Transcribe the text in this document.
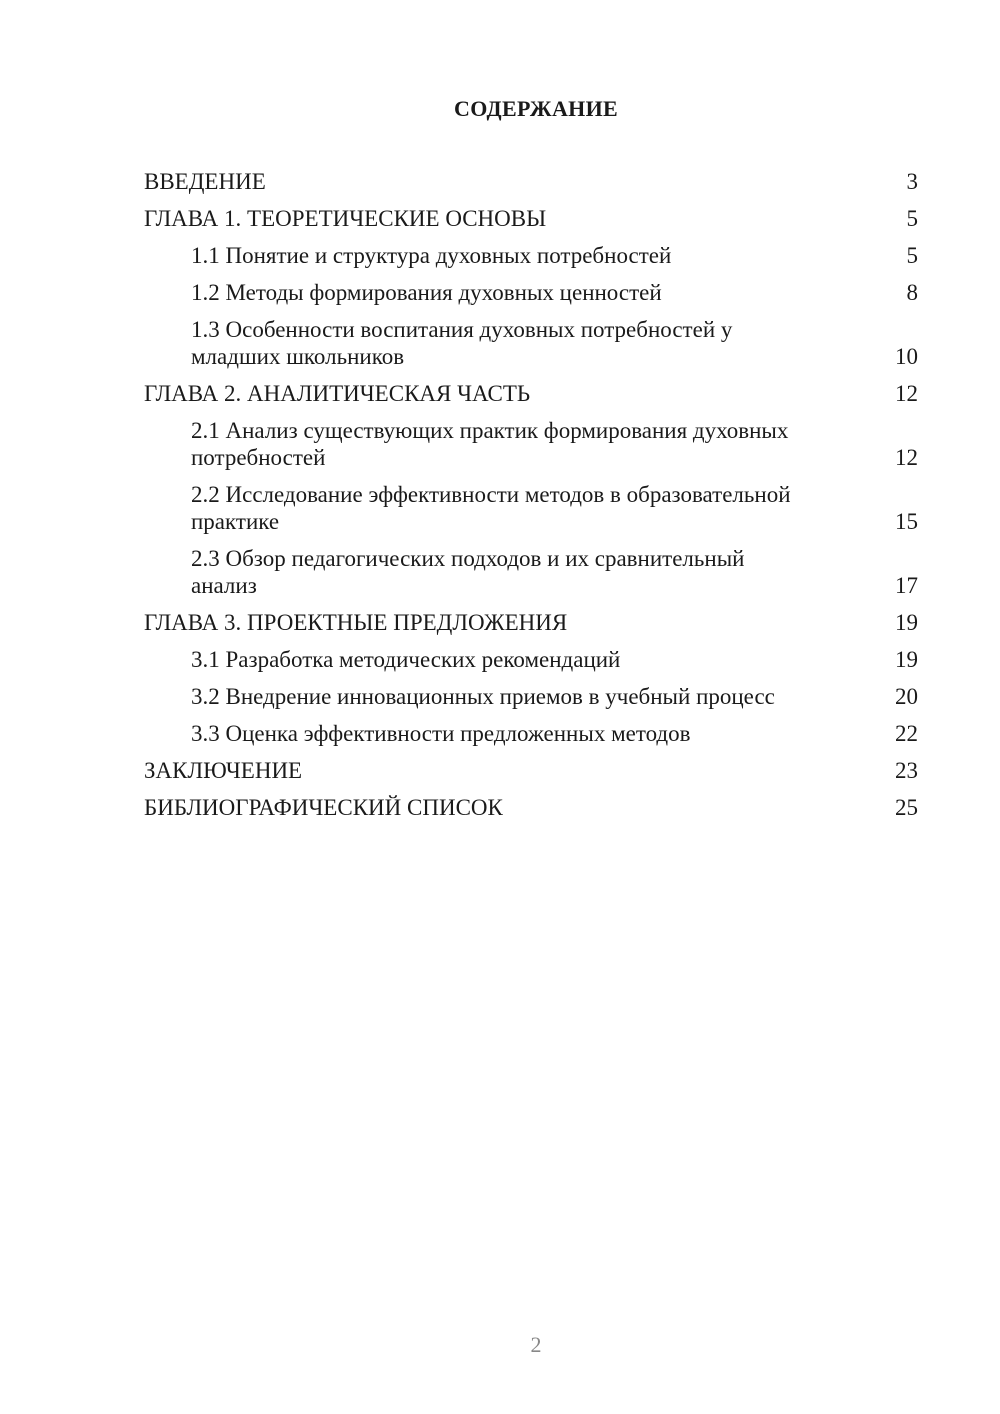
СОДЕРЖАНИЕ
ВВЕДЕНИЕ	3
ГЛАВА 1. ТЕОРЕТИЧЕСКИЕ ОСНОВЫ	5
1.1 Понятие и структура духовных потребностей	5
1.2 Методы формирования духовных ценностей	8
1.3 Особенности воспитания духовных потребностей у младших школьников	10
ГЛАВА 2. АНАЛИТИЧЕСКАЯ ЧАСТЬ	12
2.1 Анализ существующих практик формирования духовных потребностей	12
2.2 Исследование эффективности методов в образовательной практике	15
2.3 Обзор педагогических подходов и их сравнительный анализ	17
ГЛАВА 3. ПРОЕКТНЫЕ ПРЕДЛОЖЕНИЯ	19
3.1 Разработка методических рекомендаций	19
3.2 Внедрение инновационных приемов в учебный процесс	20
3.3 Оценка эффективности предложенных методов	22
ЗАКЛЮЧЕНИЕ	23
БИБЛИОГРАФИЧЕСКИЙ СПИСОК	25
2
